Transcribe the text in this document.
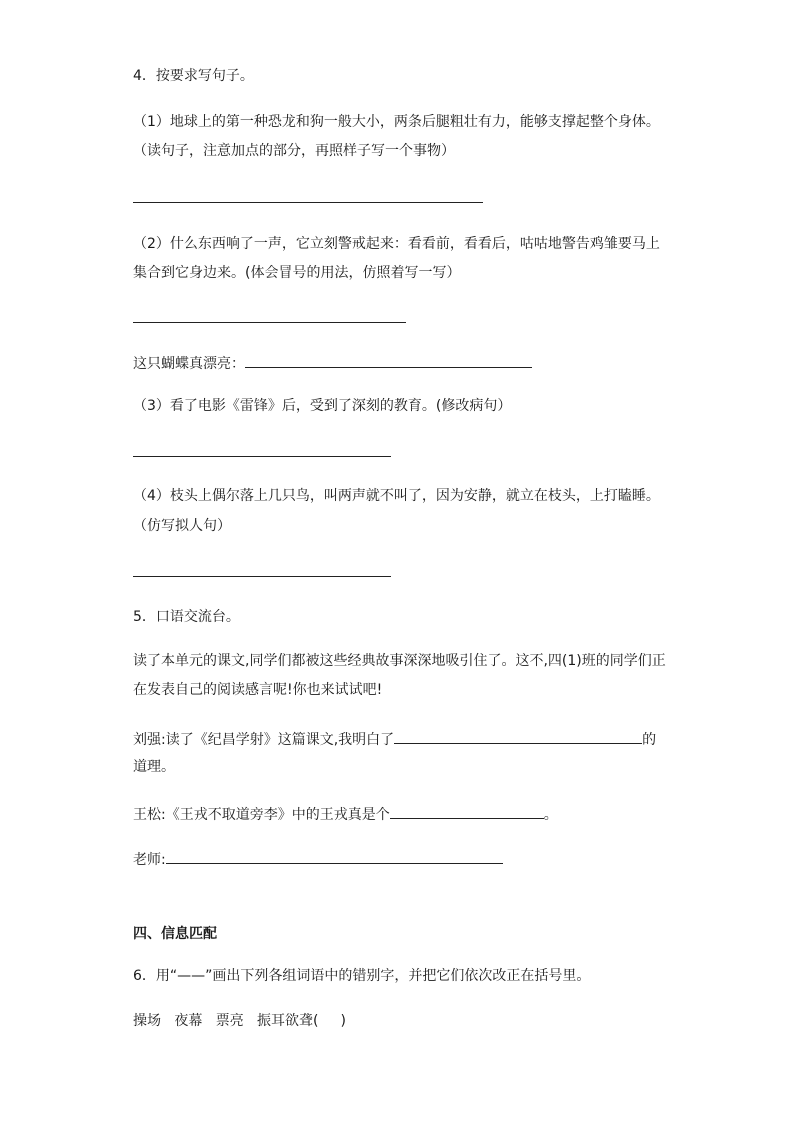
4．按要求写句子。
（1）地球上的第一种恐龙和狗一般大小，两条后腿粗壮有力，能够支撑起整个身体。
（读句子，注意加点的部分，再照样子写一个事物）
（2）什么东西响了一声，它立刻警戒起来：看看前，看看后，咕咕地警告鸡雏要马上
集合到它身边来。(体会冒号的用法，仿照着写一写）
这只蝴蝶真漂亮：
（3）看了电影《雷锋》后，受到了深刻的教育。(修改病句）
（4）枝头上偶尔落上几只鸟，叫两声就不叫了，因为安静，就立在枝头，上打瞌睡。
（仿写拟人句）
5．口语交流台。
读了本单元的课文,同学们都被这些经典故事深深地吸引住了。这不,四(1)班的同学们正
在发表自己的阅读感言呢!你也来试试吧!
刘强:读了《纪昌学射》这篇课文,我明白了	的
道理。
王松:《王戎不取道旁李》中的王戎真是个	。
老师:
四、信息匹配
6．用“——”画出下列各组词语中的错别字，并把它们依次改正在括号里。
操场   夜幕   票亮   振耳欲聋( )
